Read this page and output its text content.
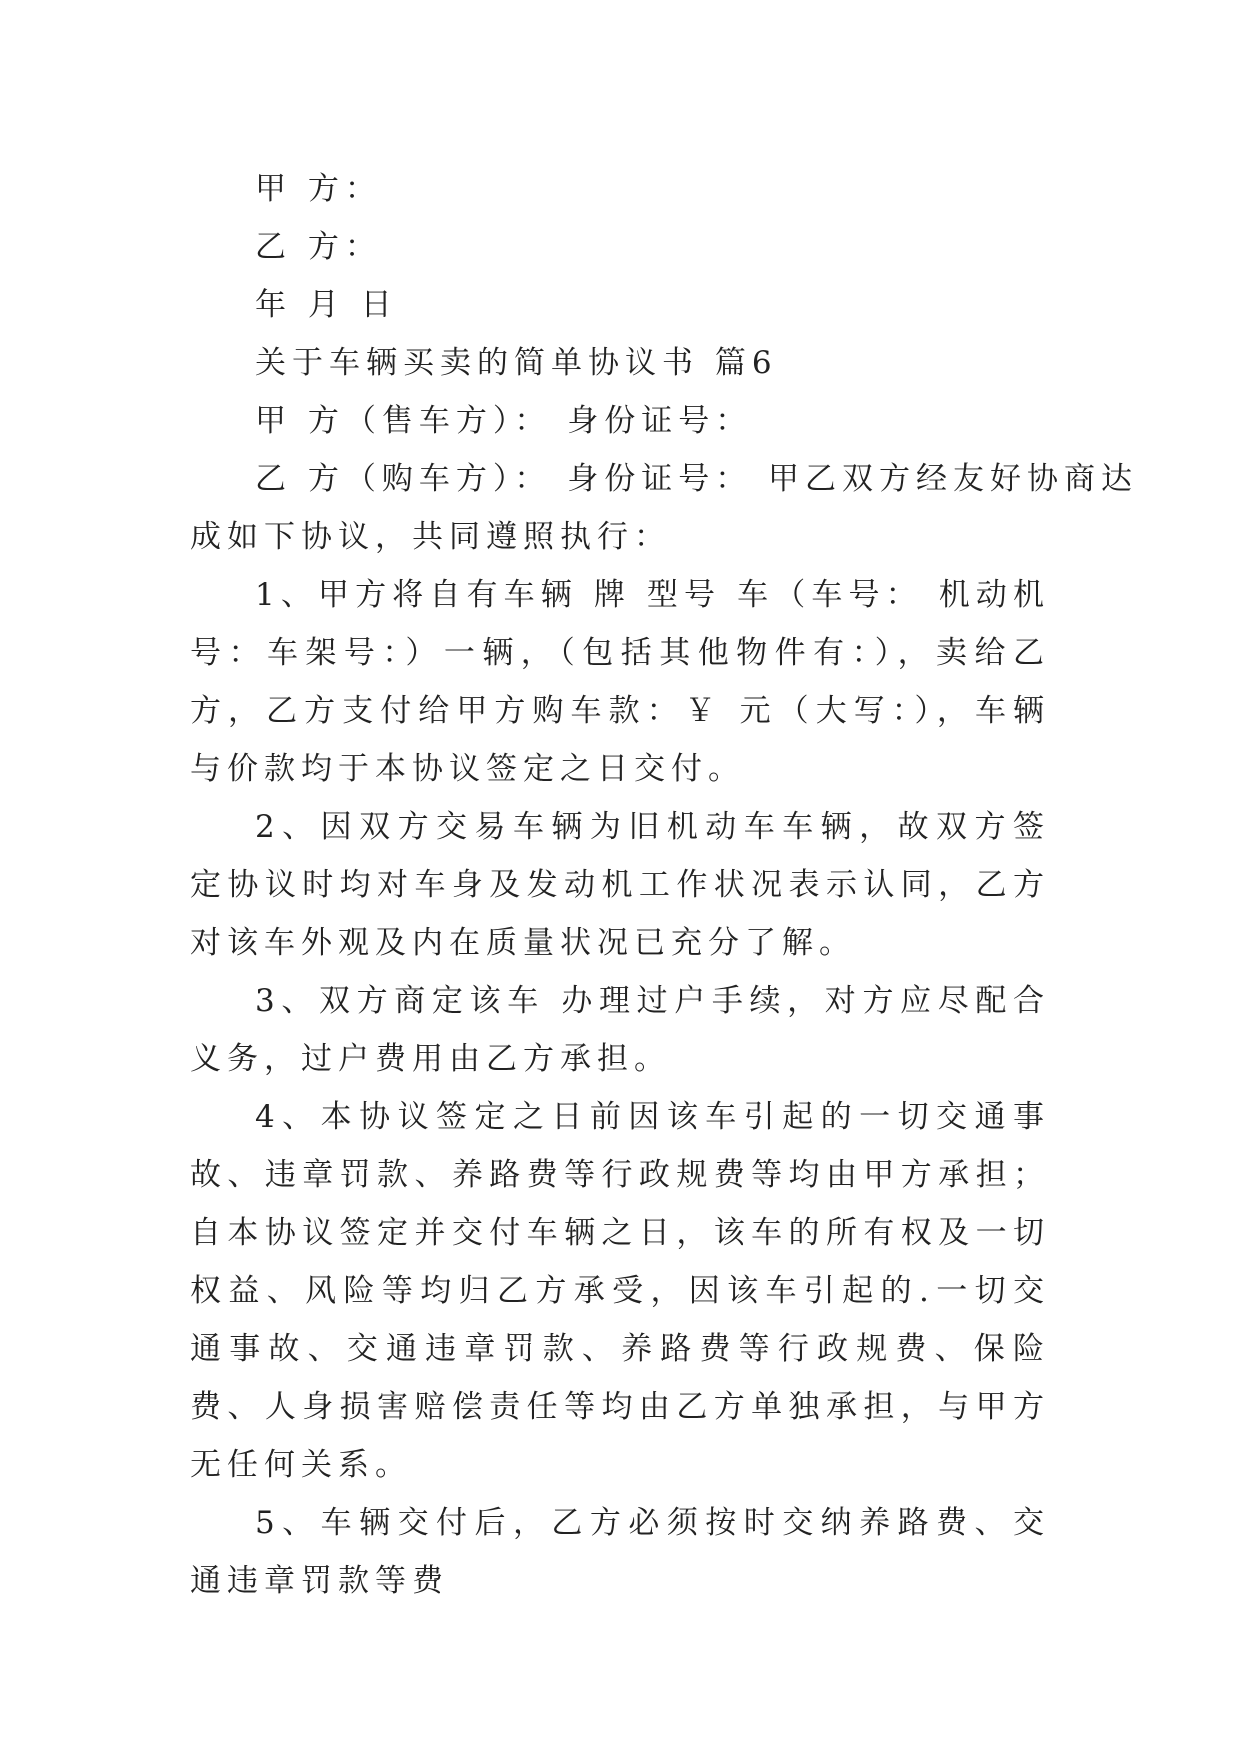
甲 方：
乙 方：
年 月 日
关于车辆买卖的简单协议书 篇6
甲 方（售车方）： 身份证号：
乙 方（购车方）： 身份证号： 甲乙双方经友好协商达
成如下协议，共同遵照执行：

1、甲方将自有车辆 牌 型号 车（车号： 机动机号：车架号：）一辆，（包括其他物件有：），卖给乙方，乙方支付给甲方购车款：￥ 元（大写：），车辆与价款均于本协议签定之日交付。

2、因双方交易车辆为旧机动车车辆，故双方签定协议时均对车身及发动机工作状况表示认同，乙方对该车外观及内在质量状况已充分了解。

3、双方商定该车 办理过户手续，对方应尽配合义务，过户费用由乙方承担。

4、本协议签定之日前因该车引起的一切交通事故、违章罚款、养路费等行政规费等均由甲方承担；自本协议签定并交付车辆之日，该车的所有权及一切权益、风险等均归乙方承受，因该车引起的.一切交通事故、交通违章罚款、养路费等行政规费、保险费、人身损害赔偿责任等均由乙方单独承担，与甲方无任何关系。

5、车辆交付后，乙方必须按时交纳养路费、交通违章罚款等费
